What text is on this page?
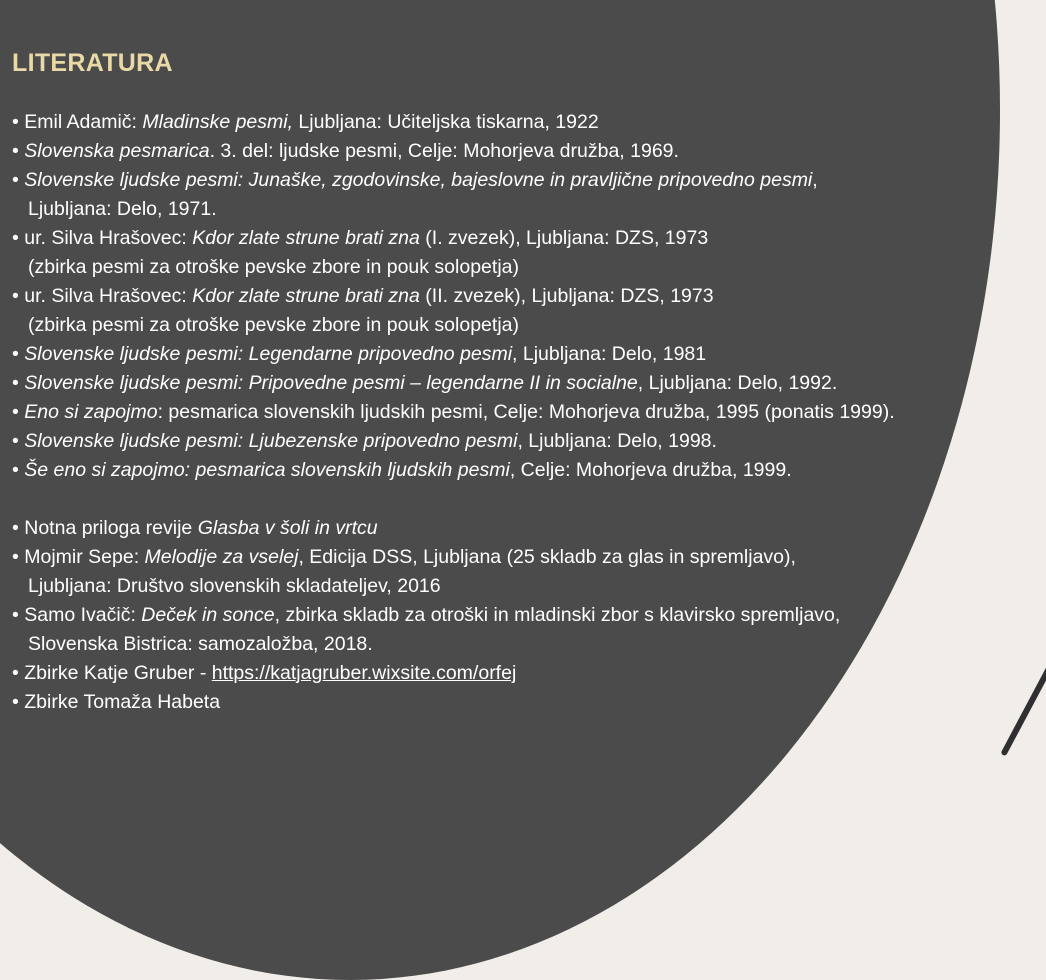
LITERATURA
• Emil Adamič: Mladinske pesmi, Ljubljana: Učiteljska tiskarna, 1922
• Slovenska pesmarica. 3. del: ljudske pesmi, Celje: Mohorjeva družba, 1969.
• Slovenske ljudske pesmi: Junaške, zgodovinske, bajeslovne in pravljične pripovedno pesmi,
Ljubljana: Delo, 1971.
• ur. Silva Hrašovec: Kdor zlate strune brati zna (I. zvezek), Ljubljana: DZS, 1973
(zbirka pesmi za otroške pevske zbore in pouk solopetja)
• ur. Silva Hrašovec: Kdor zlate strune brati zna (II. zvezek), Ljubljana: DZS, 1973
(zbirka pesmi za otroške pevske zbore in pouk solopetja)
• Slovenske ljudske pesmi: Legendarne pripovedno pesmi, Ljubljana: Delo, 1981
• Slovenske ljudske pesmi: Pripovedne pesmi – legendarne II in socialne, Ljubljana: Delo, 1992.
• Eno si zapojmo: pesmarica slovenskih ljudskih pesmi, Celje: Mohorjeva družba, 1995 (ponatis 1999).
• Slovenske ljudske pesmi: Ljubezenske pripovedno pesmi, Ljubljana: Delo, 1998.
• Še eno si zapojmo: pesmarica slovenskih ljudskih pesmi, Celje: Mohorjeva družba, 1999.
• Notna priloga revije Glasba v šoli in vrtcu
• Mojmir Sepe: Melodije za vselej, Edicija DSS, Ljubljana (25 skladb za glas in spremljavo),
Ljubljana: Društvo slovenskih skladateljev, 2016
• Samo Ivačič: Deček in sonce, zbirka skladb za otroški in mladinski zbor s klavirsko spremljavo,
Slovenska Bistrica: samozaložba, 2018.
• Zbirke Katje Gruber - https://katjagruber.wixsite.com/orfej
• Zbirke Tomaža Habeta
